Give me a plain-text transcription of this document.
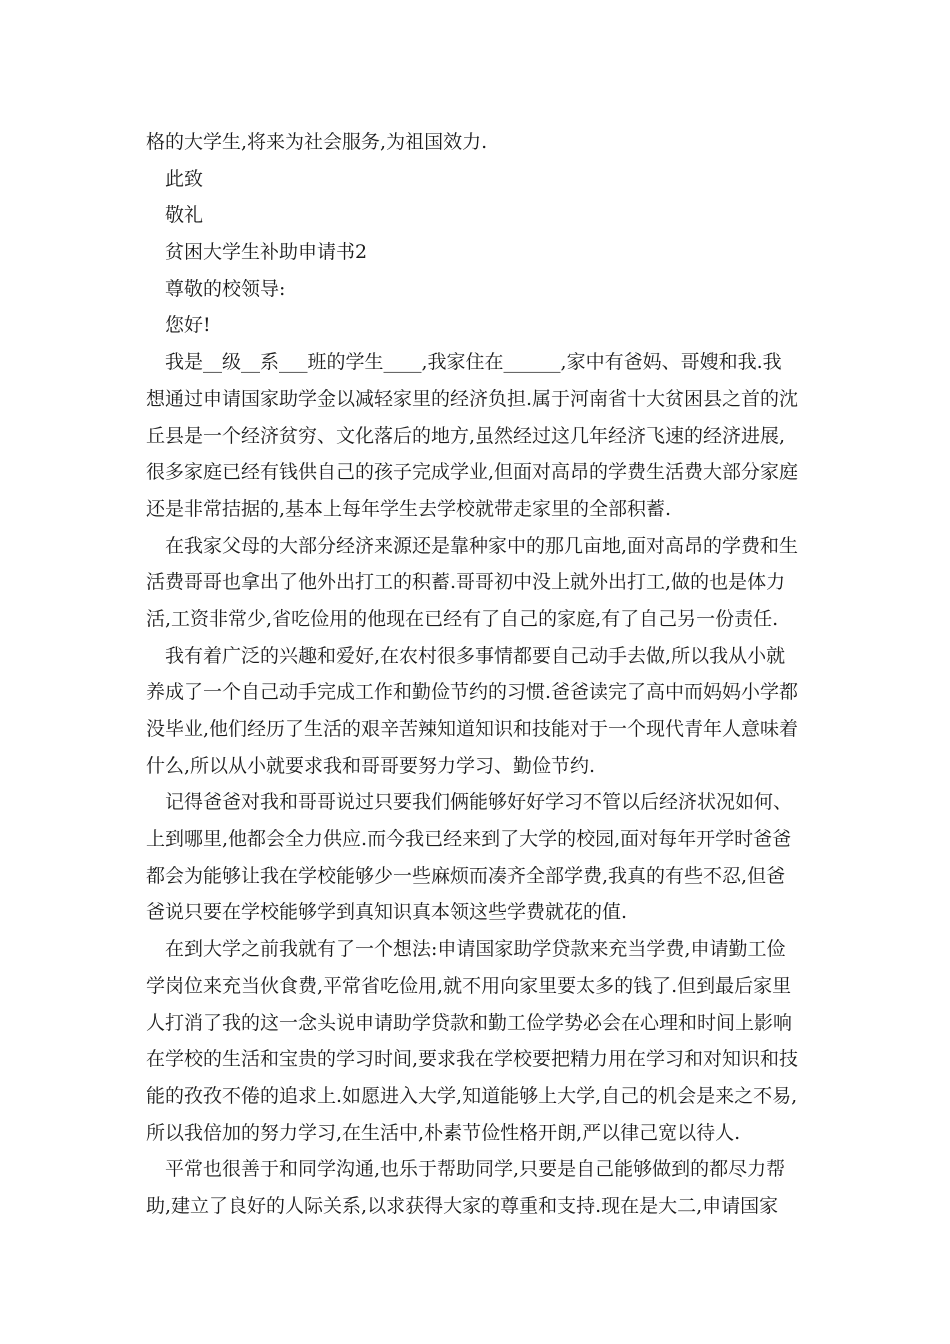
格的大学生,将来为社会服务,为祖国效力.
此致
敬礼
贫困大学生补助申请书2
尊敬的校领导:
您好!
我是__级__系___班的学生____,我家住在______,家中有爸妈、哥嫂和我.我
想通过申请国家助学金以减轻家里的经济负担.属于河南省十大贫困县之首的沈
丘县是一个经济贫穷、文化落后的地方,虽然经过这几年经济飞速的经济进展,
很多家庭已经有钱供自己的孩子完成学业,但面对高昂的学费生活费大部分家庭
还是非常拮据的,基本上每年学生去学校就带走家里的全部积蓄.
在我家父母的大部分经济来源还是靠种家中的那几亩地,面对高昂的学费和生
活费哥哥也拿出了他外出打工的积蓄.哥哥初中没上就外出打工,做的也是体力
活,工资非常少,省吃俭用的他现在已经有了自己的家庭,有了自己另一份责任.
我有着广泛的兴趣和爱好,在农村很多事情都要自己动手去做,所以我从小就
养成了一个自己动手完成工作和勤俭节约的习惯.爸爸读完了高中而妈妈小学都
没毕业,他们经历了生活的艰辛苦辣知道知识和技能对于一个现代青年人意味着
什么,所以从小就要求我和哥哥要努力学习、勤俭节约.
记得爸爸对我和哥哥说过只要我们俩能够好好学习不管以后经济状况如何、
上到哪里,他都会全力供应.而今我已经来到了大学的校园,面对每年开学时爸爸
都会为能够让我在学校能够少一些麻烦而凑齐全部学费,我真的有些不忍,但爸
爸说只要在学校能够学到真知识真本领这些学费就花的值.
在到大学之前我就有了一个想法:申请国家助学贷款来充当学费,申请勤工俭
学岗位来充当伙食费,平常省吃俭用,就不用向家里要太多的钱了.但到最后家里
人打消了我的这一念头说申请助学贷款和勤工俭学势必会在心理和时间上影响
在学校的生活和宝贵的学习时间,要求我在学校要把精力用在学习和对知识和技
能的孜孜不倦的追求上.如愿进入大学,知道能够上大学,自己的机会是来之不易,
所以我倍加的努力学习,在生活中,朴素节俭性格开朗,严以律己宽以待人.
平常也很善于和同学沟通,也乐于帮助同学,只要是自己能够做到的都尽力帮
助,建立了良好的人际关系,以求获得大家的尊重和支持.现在是大二,申请国家
